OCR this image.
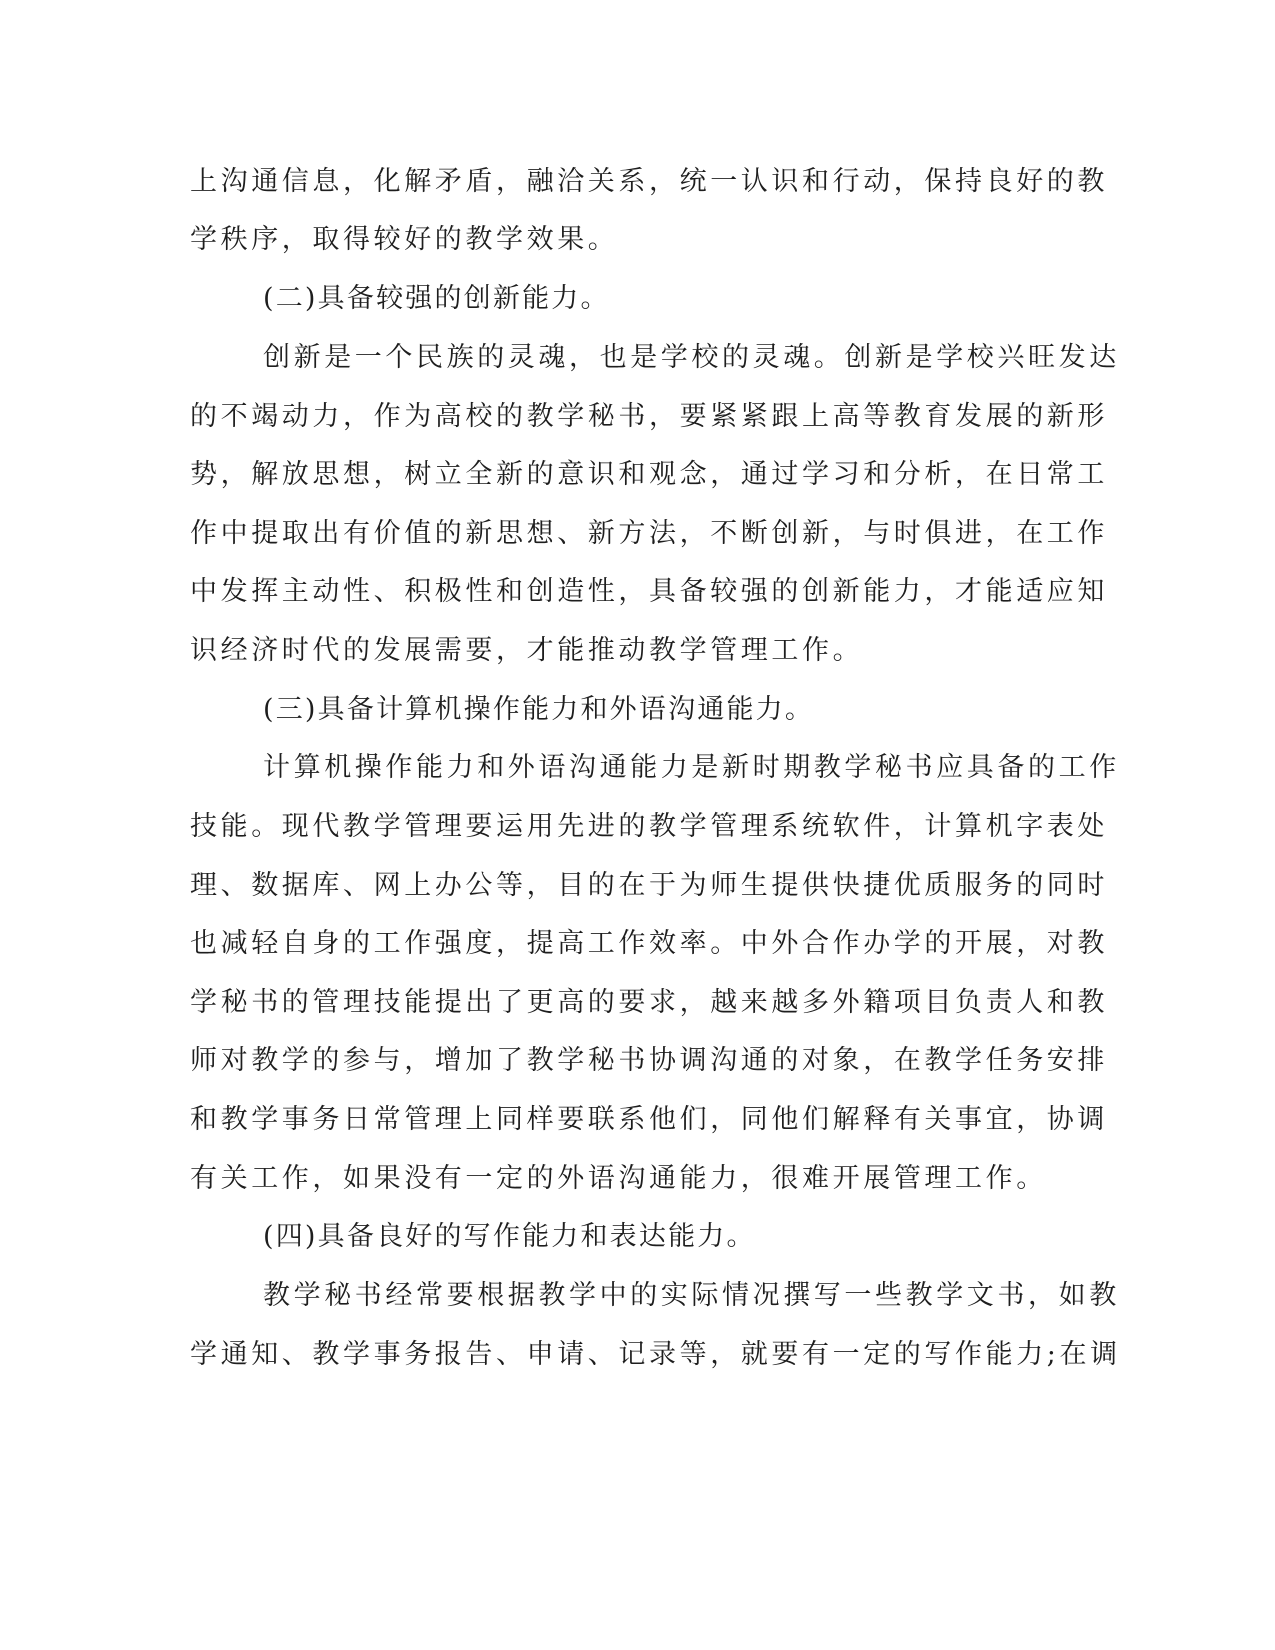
上沟通信息，化解矛盾，融洽关系，统一认识和行动，保持良好的教
学秩序，取得较好的教学效果。
(二)具备较强的创新能力。
创新是一个民族的灵魂，也是学校的灵魂。创新是学校兴旺发达
的不竭动力，作为高校的教学秘书，要紧紧跟上高等教育发展的新形
势，解放思想，树立全新的意识和观念，通过学习和分析，在日常工
作中提取出有价值的新思想、新方法，不断创新，与时俱进，在工作
中发挥主动性、积极性和创造性，具备较强的创新能力，才能适应知
识经济时代的发展需要，才能推动教学管理工作。
(三)具备计算机操作能力和外语沟通能力。
计算机操作能力和外语沟通能力是新时期教学秘书应具备的工作
技能。现代教学管理要运用先进的教学管理系统软件，计算机字表处
理、数据库、网上办公等，目的在于为师生提供快捷优质服务的同时
也减轻自身的工作强度，提高工作效率。中外合作办学的开展，对教
学秘书的管理技能提出了更高的要求，越来越多外籍项目负责人和教
师对教学的参与，增加了教学秘书协调沟通的对象，在教学任务安排
和教学事务日常管理上同样要联系他们，同他们解释有关事宜，协调
有关工作，如果没有一定的外语沟通能力，很难开展管理工作。
(四)具备良好的写作能力和表达能力。
教学秘书经常要根据教学中的实际情况撰写一些教学文书，如教
学通知、教学事务报告、申请、记录等，就要有一定的写作能力;在调
